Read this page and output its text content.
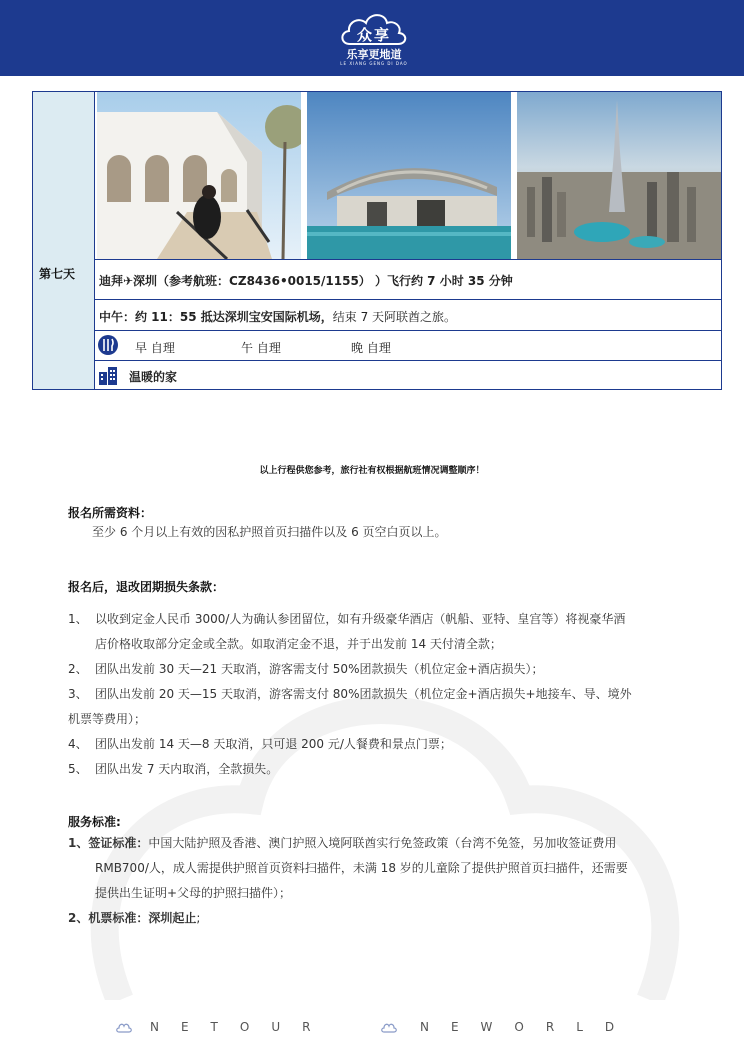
众享
乐享更地道
LE XIANG GENG DI DAO
第七天 迪拜✈深圳（参考航班：CZ8436•0015/1155） ）飞行约 7 小时 35 分钟
中午：约 11：55 抵达深圳宝安国际机场，结束 7 天阿联酋之旅。
早 自理	午 自理	晚 自理
温暖的家
以上行程供您参考，旅行社有权根据航班情况调整顺序！
报名所需资料：
至少 6 个月以上有效的因私护照首页扫描件以及 6 页空白页以上。
报名后，退改团期损失条款：
1、 以收到定金人民币 3000/人为确认参团留位，如有升级豪华酒店（帆船、亚特、皇宫等）将视豪华酒
店价格收取部分定金或全款。如取消定金不退，并于出发前 14 天付清全款；
2、 团队出发前 30 天—21 天取消，游客需支付 50%团款损失（机位定金+酒店损失）；
3、 团队出发前 20 天—15 天取消，游客需支付 80%团款损失（机位定金+酒店损失+地接车、导、境外
机票等费用）；
4、 团队出发前 14 天—8 天取消，只可退 200 元/人餐费和景点门票；
5、 团队出发 7 天内取消，全款损失。
服务标准:
1、签证标准：中国大陆护照及香港、澳门护照入境阿联酋实行免签政策（台湾不免签，另加收签证费用
RMB700/人，成人需提供护照首页资料扫描件，未满 18 岁的儿童除了提供护照首页扫描件，还需要
提供出生证明+父母的护照扫描件）；
2、机票标准：深圳起止;
NETOUR	NEWORLD
